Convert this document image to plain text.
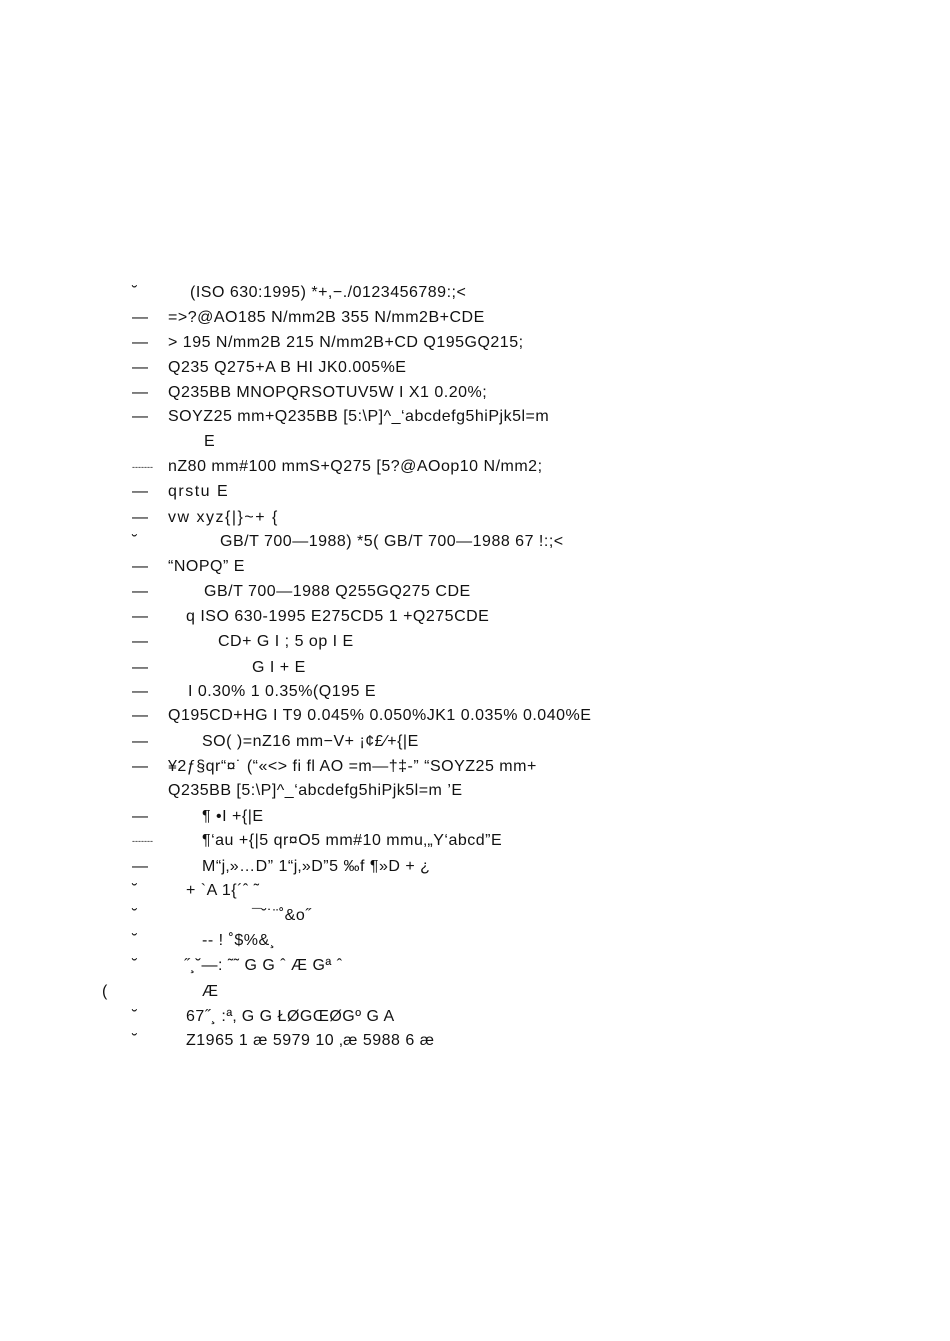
˘	(ISO 630:1995) *+,−./0123456789:;<
— =>?@AO185 N/mm2B 355 N/mm2B+CDE
— > 195 N/mm2B 215 N/mm2B+CD Q195GQ215;
— Q235 Q275+A B HI JK0.005%E
— Q235BB MNOPQRSOTUV5W I X1 0.20%;
— SOYZ25 mm+Q235BB [5:\P]^_‘abcdefg5hiPjk5l=m
E
------- nZ80 mm#100 mmS+Q275 [5?@AOop10 N/mm2;
— qrstu E
— vw xyz{|}~+ {
˘	GB/T 700—1988) *5( GB/T 700—1988 67 !:;<
— “NOPQ” E
—	GB/T 700—1988 Q255GQ275 CDE
— q ISO 630-1995 E275CD5 1 +Q275CDE
—	CD+ G I ; 5 op I E
—	G I + E
—	I 0.30% 1 0.35%(Q195 E
— Q195CD+HG I T9 0.045% 0.050%JK1 0.035% 0.040%E
—	SO( )=nZ16 mm−V+ ¡¢£⁄+{|E
— ¥2ƒ§qr“¤˙ (“«<> fi fl AO =m—†‡-” “SOYZ25 mm+
Q235BB [5:\P]^_‘abcdefg5hiPjk5l=m ’E
—	¶ •I +{|E
-------	¶‘au +{|5 qr¤O5 mm#10 mmu‚„Y‘abcd”E
—	M“j‚»…D” 1“j‚»D”5 ‰f ¶»D + ¿
˘	+ `A 1{´ˆ ˜
˘	¯˘˙¨˚&o˝
˘	-- ! ˚$%&¸
˘	˝¸˘—: ˜˜ G G ˆ Æ Gª ˆ
(	Æ
˘	67˝¸ :ª‚ G G ŁØGŒØGº G A
˘	Z1965 1 æ 5979 10 ‚æ 5988 6 æ
